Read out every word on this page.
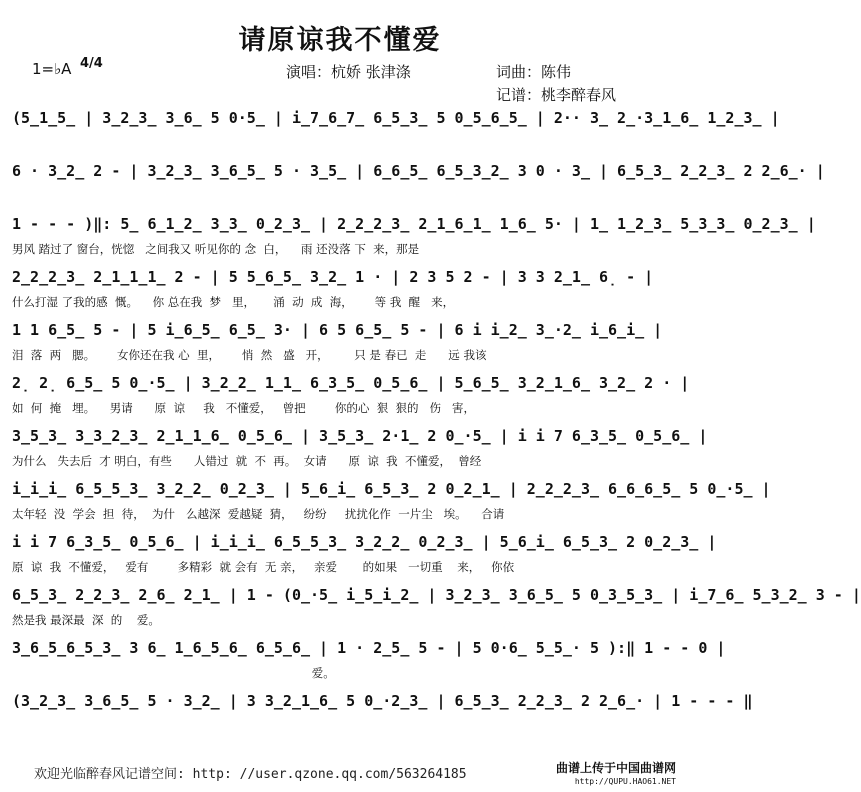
请原谅我不懂爱
1=♭A 4/4	演唱：杭娇 张津涤	词曲：陈伟
记谱：桃李醉春风
(5̲1̲5̲ | 3̲2̲3̲ 3̲6̲ 5 0·5̲ | i̲7̲6̲7̲ 6̲5̲3̲ 5 0̲5̲6̲5̲ | 2·· 3̲ 2̲·3̲1̲6̲ 1̲2̲3̲ |
6 · 3̲2̲ 2 - | 3̲2̲3̲ 3̲6̲5̲ 5 · 3̲5̲ | 6̲6̲5̲ 6̲5̲3̲2̲ 3 0 · 3̲ | 6̲5̲3̲ 2̲2̲3̲ 2 2̲6̲· |
1 - - - )‖: 5̲ 6̲1̲2̲ 3̲3̲ 0̲2̲3̲ | 2̲2̲2̲3̲ 2̲1̲6̲1̲ 1̲6̲ 5· | 1̲ 1̲2̲3̲ 5̲3̲3̲ 0̲2̲3̲ |
男风 踏过了 窗台，恍惚   之间我又 听见你的 念  白，    雨 还没落 下  来，那是
2̲2̲2̲3̲ 2̲1̲1̲1̲ 2 - | 5 5̲6̲5̲ 3̲2̲ 1 · | 2 3 5 2 - | 3 3 2̲1̲ 6̣ - |
什么打湿 了我的感  慨。    你 总在我  梦   里，     涌  动  成  海，      等 我  醒   来，
1 1 6̲5̲ 5 - | 5 i̲6̲5̲ 6̲5̲ 3· | 6 5 6̲5̲ 5 - | 6 i i̲2̲ 3̲·2̲ i̲6̲i̲ |
泪  落  两   腮。      女你还在我 心  里，      悄  然   盛   开，       只 是 春已  走      远 我该
2̣ 2̣ 6̲5̲ 5 0̲·5̲ | 3̲2̲2̲ 1̲1̲ 6̲3̲5̲ 0̲5̲6̲ | 5̲6̲5̲ 3̲2̲1̲6̲ 3̲2̲ 2 · |
如  何  掩   埋。    男请      原  谅     我   不懂爱，   曾把        你的心  狠  狠的   伤   害，
3̲5̲3̲ 3̲3̲2̲3̲ 2̲1̲1̲6̲ 0̲5̲6̲ | 3̲5̲3̲ 2·1̲ 2 0̲·5̲ | i i 7 6̲3̲5̲ 0̲5̲6̲ |
为什么   失去后  才 明白，有些      人错过  就  不  再。  女请      原  谅  我  不懂爱，  曾经
i̲i̲i̲ 6̲5̲5̲3̲ 3̲2̲2̲ 0̲2̲3̲ | 5̲6̲i̲ 6̲5̲3̲ 2 0̲2̲1̲ | 2̲2̲2̲3̲ 6̲6̲6̲5̲ 5 0̲·5̲ |
太年轻  没  学会  担  待，  为什   么越深  爱越疑  猜，   纷纷     扰扰化作  一片尘   埃。    合请
i i 7 6̲3̲5̲ 0̲5̲6̲ | i̲i̲i̲ 6̲5̲5̲3̲ 3̲2̲2̲ 0̲2̲3̲ | 5̲6̲i̲ 6̲5̲3̲ 2 0̲2̲3̲ |
原  谅  我  不懂爱，   爱有        多精彩  就 会有  无 亲，   亲爱       的如果   一切重    来，   你依
6̲5̲3̲ 2̲2̲3̲ 2̲6̲ 2̲1̲ | 1 - (0̲·5̲ i̲5̲i̲2̲ | 3̲2̲3̲ 3̲6̲5̲ 5 0̲3̲5̲3̲ | i̲7̲6̲ 5̲3̲2̲ 3 - |
然是我 最深最  深  的    爱。
3̲6̲5̲6̲5̲3̲ 3 6̲ 1̲6̲5̲6̲ 6̲5̲6̲ | 1 · 2̲5̲ 5 - | 5 0·6̲ 5̲5̲· 5 ):‖ 1 - - 0 |
爱。
(3̲2̲3̲ 3̲6̲5̲ 5 · 3̲2̲ | 3 3̲2̲1̲6̲ 5 0̲·2̲3̲ | 6̲5̲3̲ 2̲2̲3̲ 2 2̲6̲· | 1 - - - ‖
欢迎光临醉春风记谱空间: http: //user.qzone.qq.com/563264185	曲谱上传于中国曲谱网
http://QUPU.HAO61.NET
